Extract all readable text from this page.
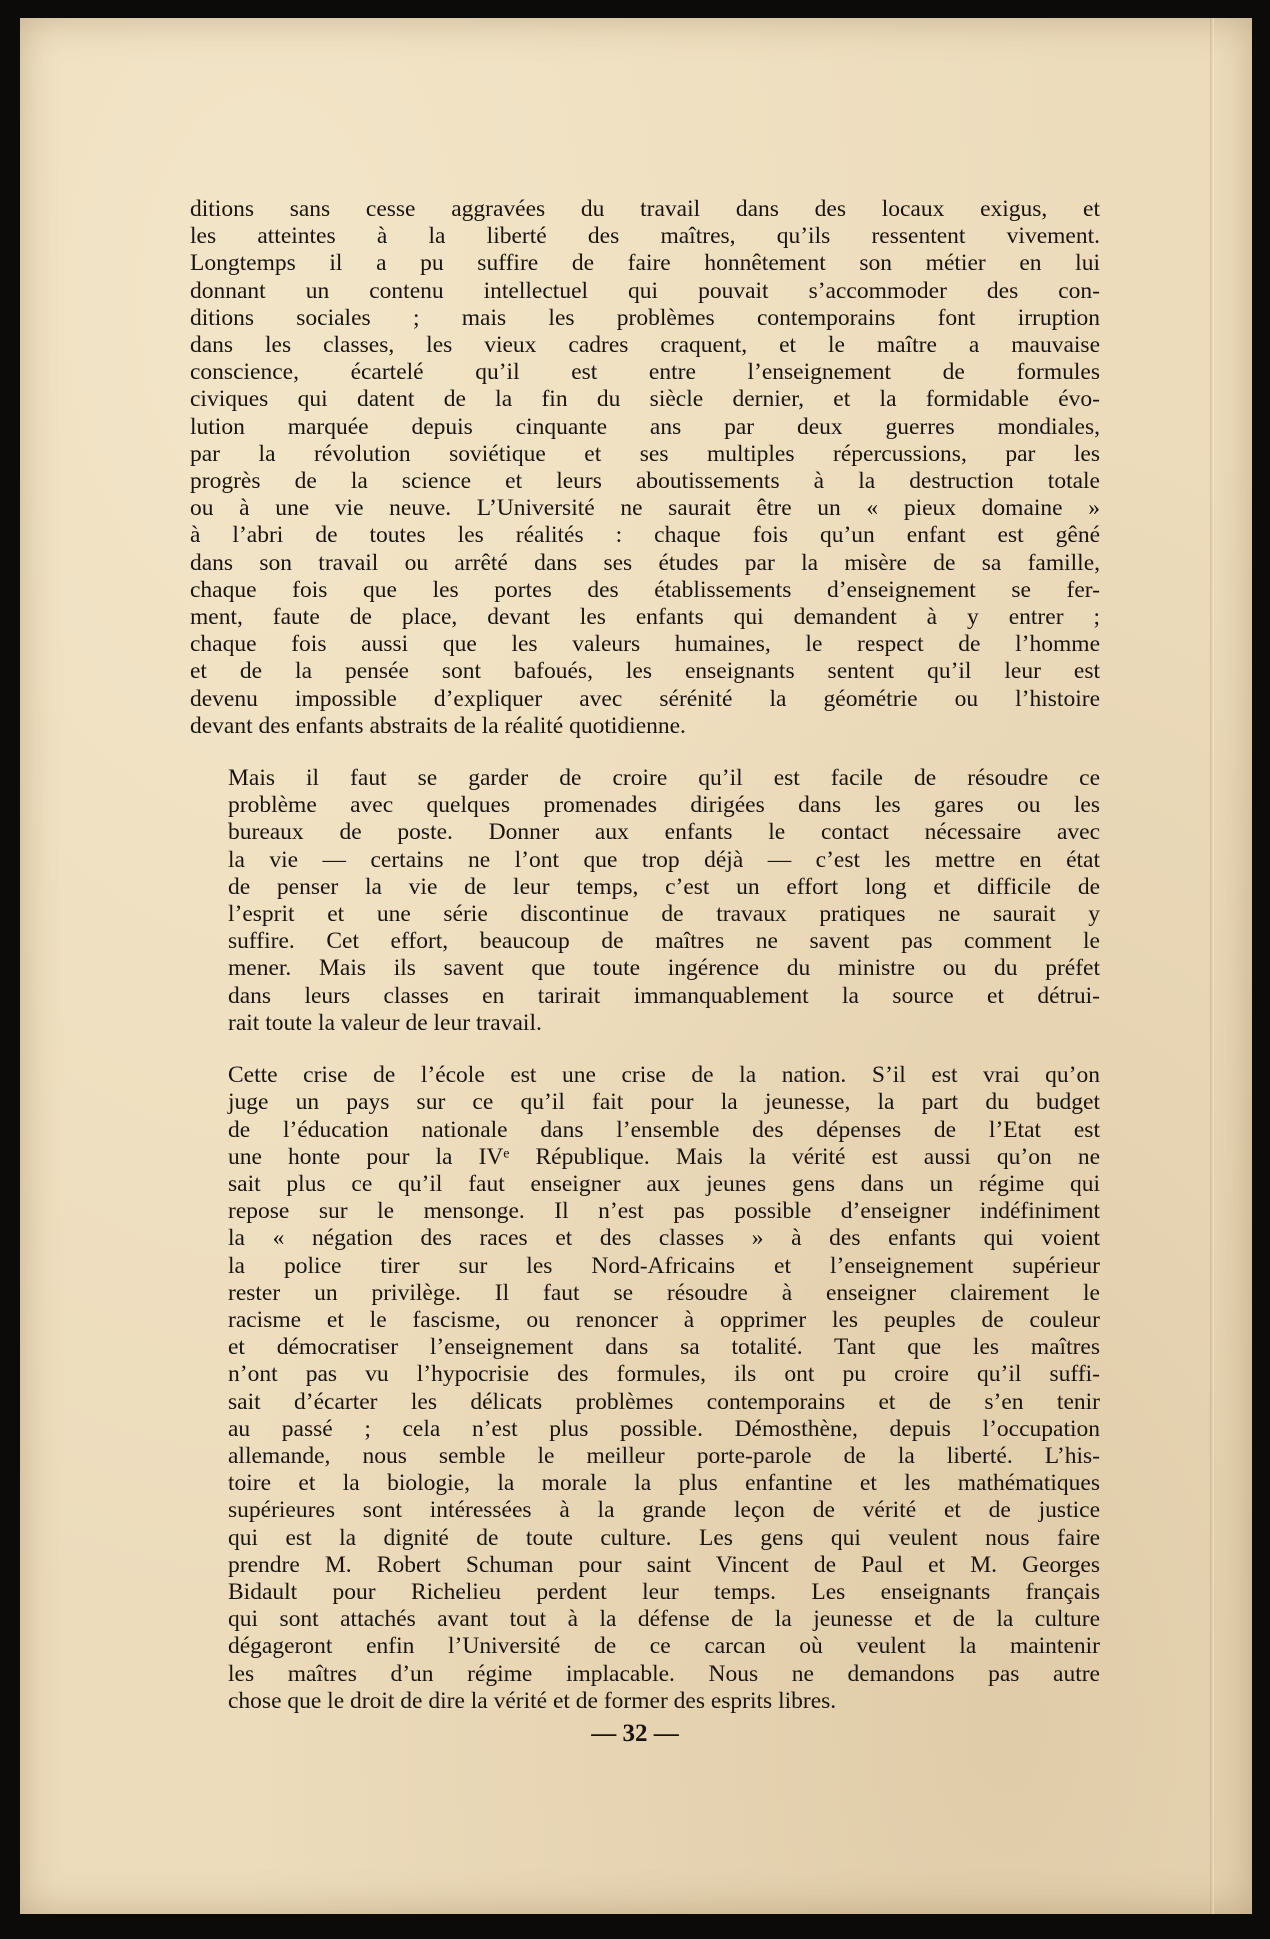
ditions sans cesse aggravées du travail dans des locaux exigus, et
les atteintes à la liberté des maîtres, qu’ils ressentent vivement.
Longtemps il a pu suffire de faire honnêtement son métier en lui
donnant un contenu intellectuel qui pouvait s’accommoder des con-
ditions sociales ; mais les problèmes contemporains font irruption
dans les classes, les vieux cadres craquent, et le maître a mauvaise
conscience, écartelé qu’il est entre l’enseignement de formules
civiques qui datent de la fin du siècle dernier, et la formidable évo-
lution marquée depuis cinquante ans par deux guerres mondiales,
par la révolution soviétique et ses multiples répercussions, par les
progrès de la science et leurs aboutissements à la destruction totale
ou à une vie neuve. L’Université ne saurait être un « pieux domaine »
à l’abri de toutes les réalités : chaque fois qu’un enfant est gêné
dans son travail ou arrêté dans ses études par la misère de sa famille,
chaque fois que les portes des établissements d’enseignement se fer-
ment, faute de place, devant les enfants qui demandent à y entrer ;
chaque fois aussi que les valeurs humaines, le respect de l’homme
et de la pensée sont bafoués, les enseignants sentent qu’il leur est
devenu impossible d’expliquer avec sérénité la géométrie ou l’histoire
devant des enfants abstraits de la réalité quotidienne.
Mais il faut se garder de croire qu’il est facile de résoudre ce
problème avec quelques promenades dirigées dans les gares ou les
bureaux de poste. Donner aux enfants le contact nécessaire avec
la vie — certains ne l’ont que trop déjà — c’est les mettre en état
de penser la vie de leur temps, c’est un effort long et difficile de
l’esprit et une série discontinue de travaux pratiques ne saurait y
suffire. Cet effort, beaucoup de maîtres ne savent pas comment le
mener. Mais ils savent que toute ingérence du ministre ou du préfet
dans leurs classes en tarirait immanquablement la source et détrui-
rait toute la valeur de leur travail.
Cette crise de l’école est une crise de la nation. S’il est vrai qu’on
juge un pays sur ce qu’il fait pour la jeunesse, la part du budget
de l’éducation nationale dans l’ensemble des dépenses de l’Etat est
une honte pour la IVᵉ République. Mais la vérité est aussi qu’on ne
sait plus ce qu’il faut enseigner aux jeunes gens dans un régime qui
repose sur le mensonge. Il n’est pas possible d’enseigner indéfiniment
la « négation des races et des classes » à des enfants qui voient
la police tirer sur les Nord-Africains et l’enseignement supérieur
rester un privilège. Il faut se résoudre à enseigner clairement le
racisme et le fascisme, ou renoncer à opprimer les peuples de couleur
et démocratiser l’enseignement dans sa totalité. Tant que les maîtres
n’ont pas vu l’hypocrisie des formules, ils ont pu croire qu’il suffi-
sait d’écarter les délicats problèmes contemporains et de s’en tenir
au passé ; cela n’est plus possible. Démosthène, depuis l’occupation
allemande, nous semble le meilleur porte-parole de la liberté. L’his-
toire et la biologie, la morale la plus enfantine et les mathématiques
supérieures sont intéressées à la grande leçon de vérité et de justice
qui est la dignité de toute culture. Les gens qui veulent nous faire
prendre M. Robert Schuman pour saint Vincent de Paul et M. Georges
Bidault pour Richelieu perdent leur temps. Les enseignants français
qui sont attachés avant tout à la défense de la jeunesse et de la culture
dégageront enfin l’Université de ce carcan où veulent la maintenir
les maîtres d’un régime implacable. Nous ne demandons pas autre
chose que le droit de dire la vérité et de former des esprits libres.
— 32 —
